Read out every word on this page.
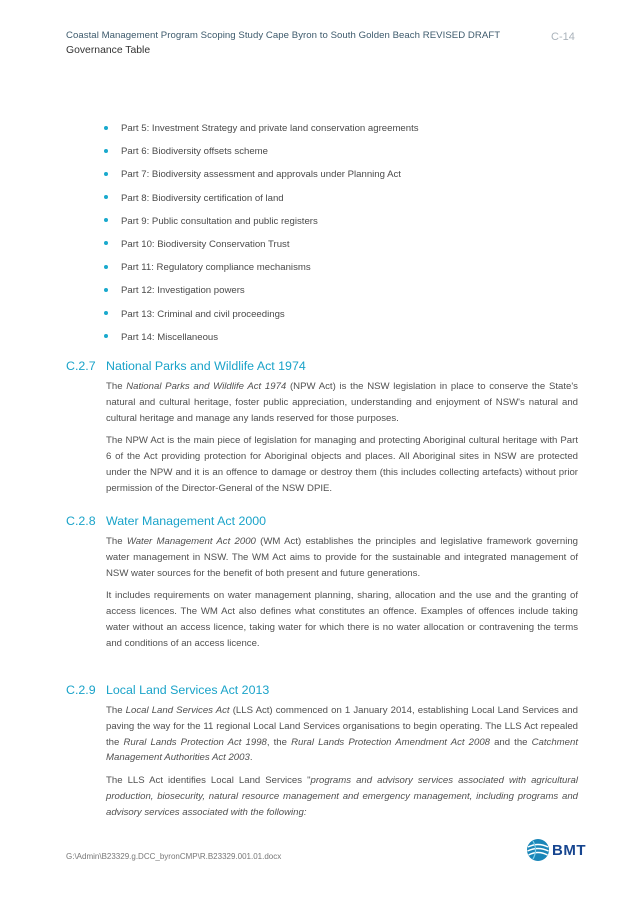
Coastal Management Program Scoping Study Cape Byron to South Golden Beach REVISED DRAFT	C-14
Governance Table
Part 5: Investment Strategy and private land conservation agreements
Part 6: Biodiversity offsets scheme
Part 7: Biodiversity assessment and approvals under Planning Act
Part 8: Biodiversity certification of land
Part 9: Public consultation and public registers
Part 10: Biodiversity Conservation Trust
Part 11: Regulatory compliance mechanisms
Part 12: Investigation powers
Part 13: Criminal and civil proceedings
Part 14: Miscellaneous
C.2.7 National Parks and Wildlife Act 1974

The National Parks and Wildlife Act 1974 (NPW Act) is the NSW legislation in place to conserve the State's natural and cultural heritage, foster public appreciation, understanding and enjoyment of NSW's natural and cultural heritage and manage any lands reserved for those purposes.

The NPW Act is the main piece of legislation for managing and protecting Aboriginal cultural heritage with Part 6 of the Act providing protection for Aboriginal objects and places. All Aboriginal sites in NSW are protected under the NPW and it is an offence to damage or destroy them (this includes collecting artefacts) without prior permission of the Director-General of the NSW DPIE.

C.2.8 Water Management Act 2000

The Water Management Act 2000 (WM Act) establishes the principles and legislative framework governing water management in NSW. The WM Act aims to provide for the sustainable and integrated management of NSW water sources for the benefit of both present and future generations.

It includes requirements on water management planning, sharing, allocation and the use and the granting of access licences. The WM Act also defines what constitutes an offence. Examples of offences include taking water without an access licence, taking water for which there is no water allocation or contravening the terms and conditions of an access licence.

C.2.9 Local Land Services Act 2013

The Local Land Services Act (LLS Act) commenced on 1 January 2014, establishing Local Land Services and paving the way for the 11 regional Local Land Services organisations to begin operating. The LLS Act repealed the Rural Lands Protection Act 1998, the Rural Lands Protection Amendment Act 2008 and the Catchment Management Authorities Act 2003.

The LLS Act identifies Local Land Services "programs and advisory services associated with agricultural production, biosecurity, natural resource management and emergency management, including programs and advisory services associated with the following:

G:\Admin\B23329.g.DCC_byronCMP\R.B23329.001.01.docx	BMT
